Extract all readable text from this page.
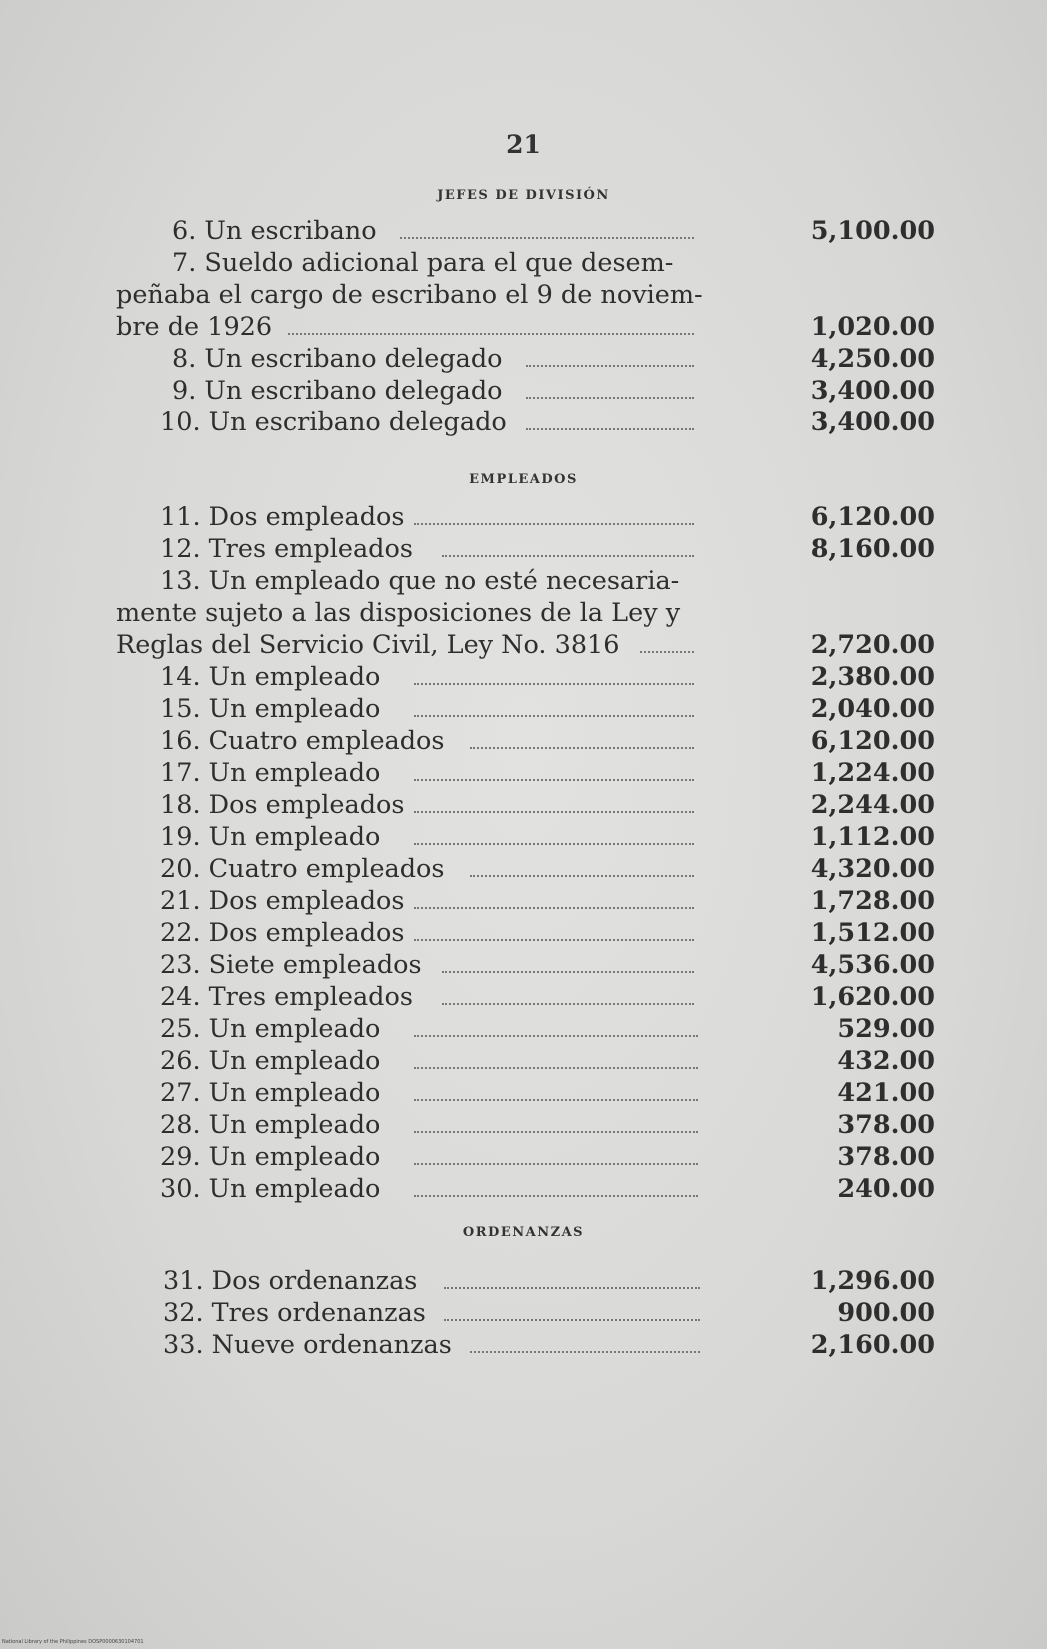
21
JEFES DE DIVISIÓN
EMPLEADOS
ORDENANZAS
6. Un escribano	5,100.00
7. Sueldo adicional para el que desem-
peñaba el cargo de escribano el 9 de noviem-
bre de 1926	1,020.00
8. Un escribano delegado	4,250.00
9. Un escribano delegado	3,400.00
10. Un escribano delegado	3,400.00
11. Dos empleados	6,120.00
12. Tres empleados	8,160.00
13. Un empleado que no esté necesaria-
mente sujeto a las disposiciones de la Ley y
Reglas del Servicio Civil, Ley No. 3816	2,720.00
14. Un empleado	2,380.00
15. Un empleado	2,040.00
16. Cuatro empleados	6,120.00
17. Un empleado	1,224.00
18. Dos empleados	2,244.00
19. Un empleado	1,112.00
20. Cuatro empleados	4,320.00
21. Dos empleados	1,728.00
22. Dos empleados	1,512.00
23. Siete empleados	4,536.00
24. Tres empleados	1,620.00
25. Un empleado	529.00
26. Un empleado	432.00
27. Un empleado	421.00
28. Un empleado	378.00
29. Un empleado	378.00
30. Un empleado	240.00
31. Dos ordenanzas	1,296.00
32. Tres ordenanzas	900.00
33. Nueve ordenanzas	2,160.00
National Library of the Philippines DOSP0000630104701
